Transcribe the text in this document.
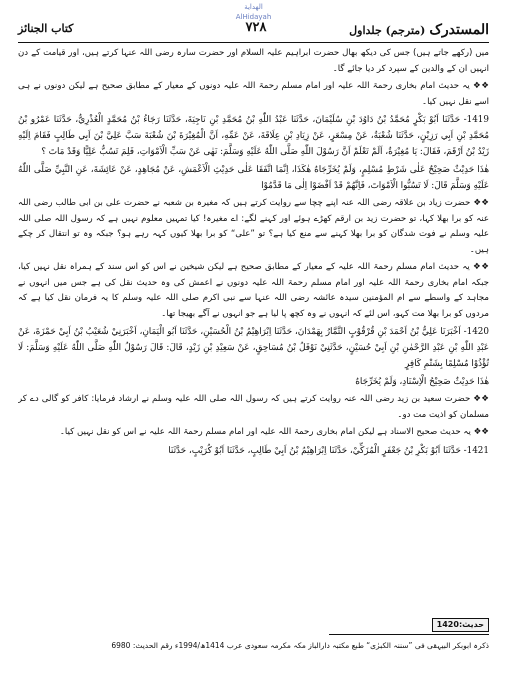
الهداية
AlHidayah
المستدرک(مترجم) جلداول
٧٢٨
کتاب الجنائز

میں (رکھے جاتے ہیں) جس کی دیکھ بھال حضرت ابراہیم علیہ السلام اور حضرت سارہ رضی اللہ عنہا کرتے ہیں، اور قیامت کے دن انہیں ان کے والدین کے سپرد کر دیا جائے گا۔

❖❖ یہ حدیث امام بخاری رحمۃ اللہ علیہ اور امام مسلم رحمۃ اللہ علیہ دونوں کے معیار کے مطابق صحیح ہے لیکن دونوں نے ہی اسے نقل نہیں کیا۔

1419- حَدَّثَنَا اَبُوْ بَكْرٍ مُحَمَّدُ بْنُ دَاوُدَ بْنِ سُلَيْمَانَ، حَدَّثَنَا عَبْدُ اللّٰهِ بْنُ مُحَمَّدِ بْنِ نَاجِيَةَ، حَدَّثَنَا رَجَاءُ بْنُ مُحَمَّدٍ الْعُذْرِيُّ، حَدَّثَنَا عَمْرُو بْنُ مُحَمَّدِ بْنِ اَبِي رَزِيْنٍ، حَدَّثَنَا شُعْبَةُ، عَنْ مِسْعَرٍ، عَنْ زِيَادِ بْنِ عِلَاقَةَ، عَنْ عَمِّهِ، اَنَّ الْمُغِيْرَةَ بْنَ شُعْبَةَ سَبَّ عَلِيَّ بْنَ اَبِي طَالِبٍ فَقَامَ اِلَيْهِ زَيْدُ بْنُ اَرْقَمَ، فَقَالَ: يَا مُغِيْرَةُ، اَلَمْ تَعْلَمْ اَنَّ رَسُوْلَ اللّٰهِ صَلَّى اللّٰهُ عَلَيْهِ وَسَلَّمَ: نَهٰى عَنْ سَبِّ الْاَمْوَاتِ، فَلِمَ تَسُبُّ عَلِيًّا وَقَدْ مَاتَ ؟

هٰذَا حَدِيْثٌ صَحِيْحٌ عَلٰى شَرْطِ مُسْلِمٍ، وَلَمْ يُخَرِّجَاهُ هٰكَذَا، اِنَّمَا اتَّفَقَا عَلٰى حَدِيْثِ الْاَعْمَشِ، عَنْ مُجَاهِدٍ، عَنْ عَائِشَةَ، عَنِ النَّبِيِّ صَلَّى اللّٰهُ عَلَيْهِ وَسَلَّمَ قَالَ: لَا تَسُبُّوا الْاَمْوَاتَ، فَاِنَّهُمْ قَدْ اَفْضَوْا اِلٰى مَا قَدَّمُوْا

❖❖ حضرت زیاد بن علاقہ رضی اللہ عنہ اپنے چچا سے روایت کرتے ہیں کہ مغیرہ بن شعبہ نے حضرت علی بن ابی طالب رضی اللہ عنہ کو برا بھلا کہا، تو حضرت زید بن ارقم کھڑے ہوئے اور کہنے لگے: اے مغیرہ! کیا تمہیں معلوم نہیں ہے کہ رسول اللہ صلی اللہ علیہ وسلم نے فوت شدگان کو برا بھلا کہنے سے منع کیا ہے؟ تو ”علی“ کو برا بھلا کیوں کہہ رہے ہو؟ جبکہ وہ تو انتقال کر چکے ہیں۔

❖❖ یہ حدیث امام مسلم رحمۃ اللہ علیہ کے معیار کے مطابق صحیح ہے لیکن شیخین نے اس کو اس سند کے ہمراہ نقل نہیں کیا، جبکہ امام بخاری رحمۃ اللہ علیہ اور امام مسلم رحمۃ اللہ علیہ دونوں نے اعمش کی وہ حدیث نقل کی ہے جس میں انہوں نے مجاہد کے واسطے سے ام المؤمنین سیدہ عائشہ رضی اللہ عنہا سے نبی اکرم صلی اللہ علیہ وسلم کا یہ فرمان نقل کیا ہے کہ مردوں کو برا بھلا مت کہو، اس لئے کہ انہوں نے وہ کچھ پا لیا ہے جو انہوں نے آگے بھیجا تھا۔

1420- اَخْبَرَنَا عَلِيُّ بْنُ اَحْمَدَ بْنِ قُرْقُوْبٍ التَّمَّارُ بِهَمْدَانَ، حَدَّثَنَا اِبْرَاهِيْمُ بْنُ الْحُسَيْنِ، حَدَّثَنَا اَبُو الْيَمَانِ، اَخْبَرَنِيْ شُعَيْبُ بْنُ اَبِيْ حَمْزَةَ، عَنْ عَبْدِ اللّٰهِ بْنِ عَبْدِ الرَّحْمٰنِ بْنِ اَبِيْ حُسَيْنٍ، حَدَّثَنِيْ نَوْفَلُ بْنُ مُسَاحِقٍ، عَنْ سَعِيْدِ بْنِ زَيْدٍ، قَالَ: قَالَ رَسُوْلُ اللّٰهِ صَلَّى اللّٰهُ عَلَيْهِ وَسَلَّمَ: لَا تُؤْذُوْا مُسْلِمًا بِشَتْمِ كَافِرٍ

هٰذَا حَدِيْثٌ صَحِيْحُ الْاِسْنَادِ، وَلَمْ يُخَرِّجَاهُ

❖❖ حضرت سعید بن زید رضی اللہ عنہ روایت کرتے ہیں کہ رسول اللہ صلی اللہ علیہ وسلم نے ارشاد فرمایا: کافر کو گالی دے کر مسلمان کو اذیت مت دو۔

❖❖ یہ حدیث صحیح الاسناد ہے لیکن امام بخاری رحمۃ اللہ علیہ اور امام مسلم رحمۃ اللہ علیہ نے اس کو نقل نہیں کیا۔

1421- حَدَّثَنَا اَبُوْ بَكْرِ بْنُ جَعْفَرٍ الْمُزَكِّيْ، حَدَّثَنَا اِبْرَاهِيْمُ بْنُ اَبِيْ طَالِبٍ، حَدَّثَنَا اَبُوْ كُرَيْبٍ، حَدَّثَنَا

حدیث:1420
ذکرہ ابوبکر البیہقی فی ”سننہ الکبرٰی“ طبع مکتبہ دارالباز مکہ مکرمہ سعودی عرب 1414ھ/1994ء رقم الحدیث: 6980
